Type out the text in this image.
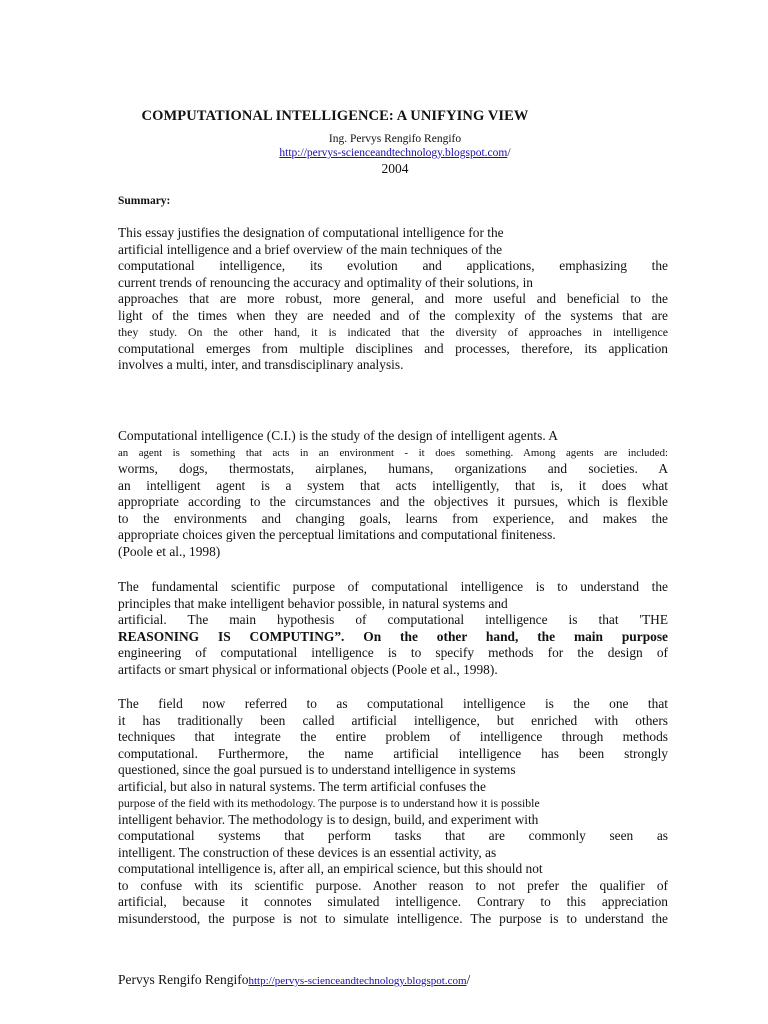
COMPUTATIONAL INTELLIGENCE: A UNIFYING VIEW
Ing. Pervys Rengifo Rengifo
http://pervys-scienceandtechnology.blogspot.com/
2004
Summary:
This essay justifies the designation of computational intelligence for the
artificial intelligence and a brief overview of the main techniques of the
computational intelligence, its evolution and applications, emphasizing the
current trends of renouncing the accuracy and optimality of their solutions, in
approaches that are more robust, more general, and more useful and beneficial to the
light of the times when they are needed and of the complexity of the systems that are
they study. On the other hand, it is indicated that the diversity of approaches in intelligence
computational emerges from multiple disciplines and processes, therefore, its application
involves a multi, inter, and transdisciplinary analysis.
Computational intelligence (C.I.) is the study of the design of intelligent agents. A
an agent is something that acts in an environment - it does something. Among agents are included:
worms, dogs, thermostats, airplanes, humans, organizations and societies. A
an intelligent agent is a system that acts intelligently, that is, it does what
appropriate according to the circumstances and the objectives it pursues, which is flexible
to the environments and changing goals, learns from experience, and makes the
appropriate choices given the perceptual limitations and computational finiteness.
(Poole et al., 1998)
The fundamental scientific purpose of computational intelligence is to understand the
principles that make intelligent behavior possible, in natural systems and
artificial. The main hypothesis of computational intelligence is that 'THE
REASONING IS COMPUTING”. On the other hand, the main purpose
engineering of computational intelligence is to specify methods for the design of
artifacts or smart physical or informational objects (Poole et al., 1998).
The field now referred to as computational intelligence is the one that
it has traditionally been called artificial intelligence, but enriched with others
techniques that integrate the entire problem of intelligence through methods
computational. Furthermore, the name artificial intelligence has been strongly
questioned, since the goal pursued is to understand intelligence in systems
artificial, but also in natural systems. The term artificial confuses the
purpose of the field with its methodology. The purpose is to understand how it is possible
intelligent behavior. The methodology is to design, build, and experiment with
computational systems that perform tasks that are commonly seen as
intelligent. The construction of these devices is an essential activity, as
computational intelligence is, after all, an empirical science, but this should not
to confuse with its scientific purpose. Another reason to not prefer the qualifier of
artificial, because it connotes simulated intelligence. Contrary to this appreciation
misunderstood, the purpose is not to simulate intelligence. The purpose is to understand the
Pervys Rengifo Rengifohttp://pervys-scienceandtechnology.blogspot.com/
